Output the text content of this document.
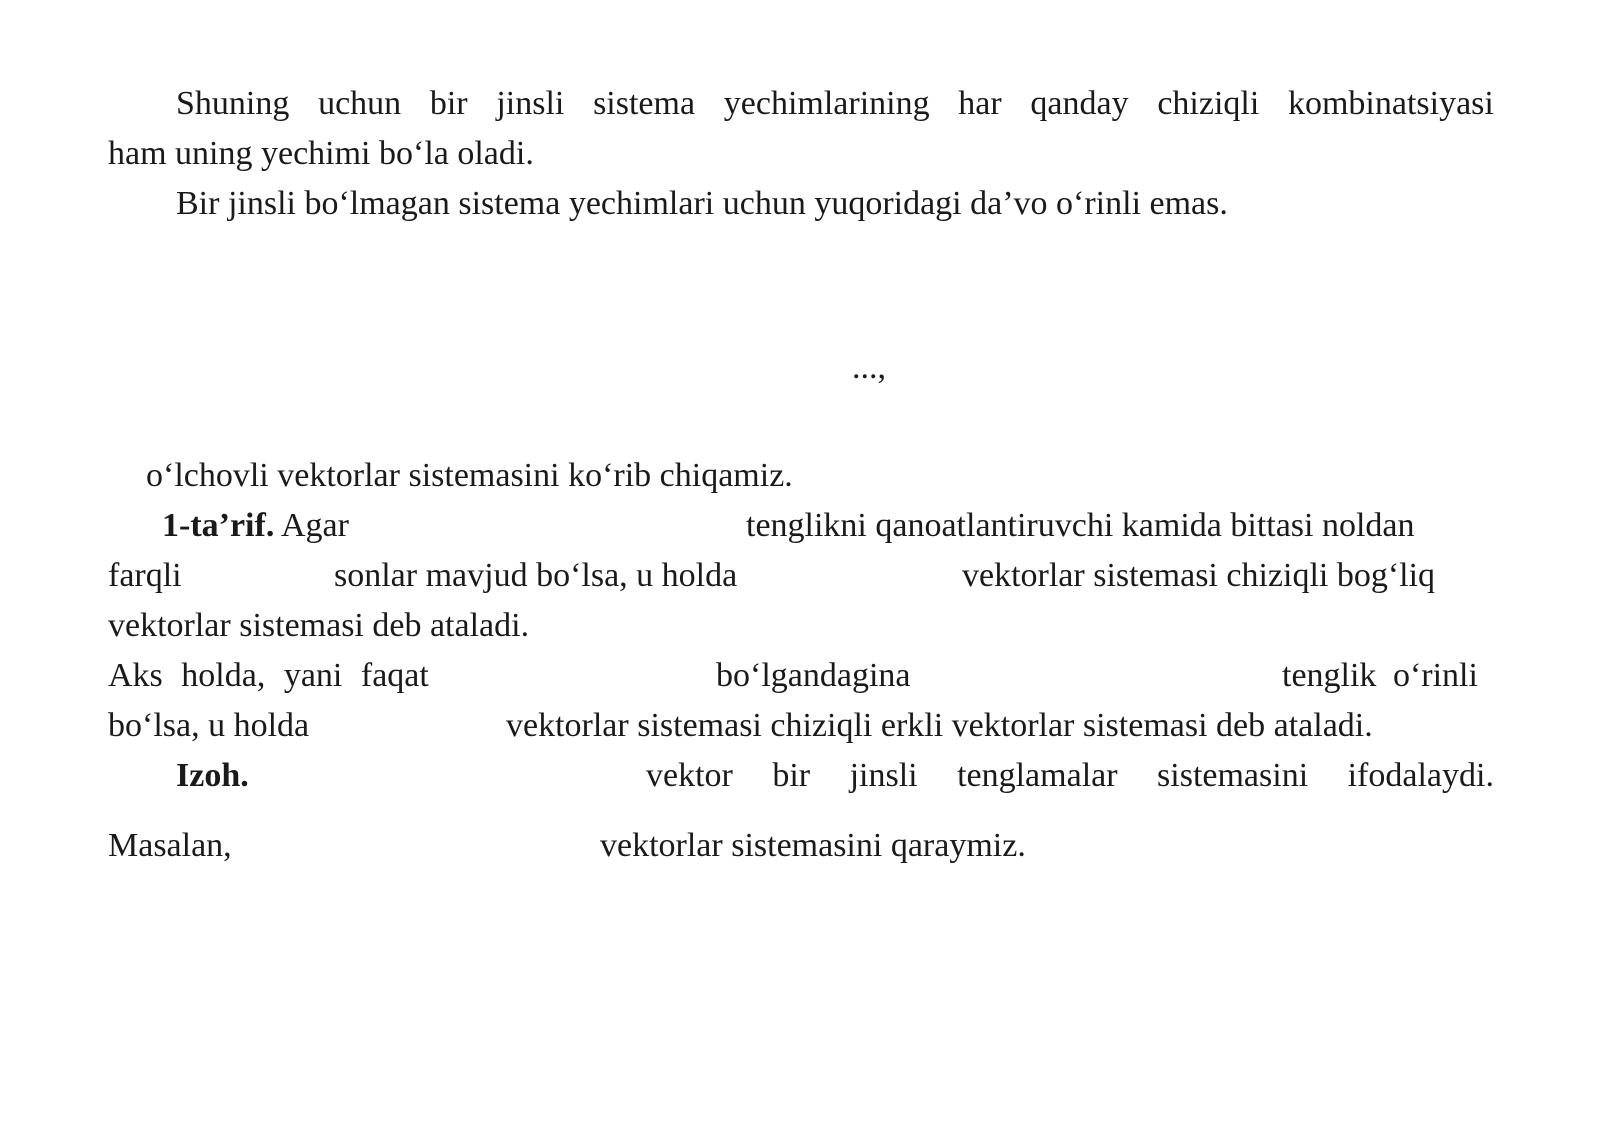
Shuning uchun bir jinsli sistema yechimlarining har qanday chiziqli kombinatsiyasi
ham uning yechimi bo‘la oladi.
Bir jinsli bo‘lmagan sistema yechimlari uchun yuqoridagi da’vo o‘rinli emas.
...,
o‘lchovli vektorlar sistemasini ko‘rib chiqamiz.
1-ta’rif. Agar	tenglikni qanoatlantiruvchi kamida bittasi noldan
farqli	sonlar mavjud bo‘lsa, u holda	vektorlar sistemasi chiziqli bog‘liq
vektorlar sistemasi deb ataladi.
Aks holda, yani faqat	bo‘lgandagina	tenglik o‘rinli
bo‘lsa, u holda	vektorlar sistemasi chiziqli erkli vektorlar sistemasi deb ataladi.
Izoh.	vektor bir jinsli tenglamalar sistemasini ifodalaydi.
Masalan,	vektorlar sistemasini qaraymiz.
